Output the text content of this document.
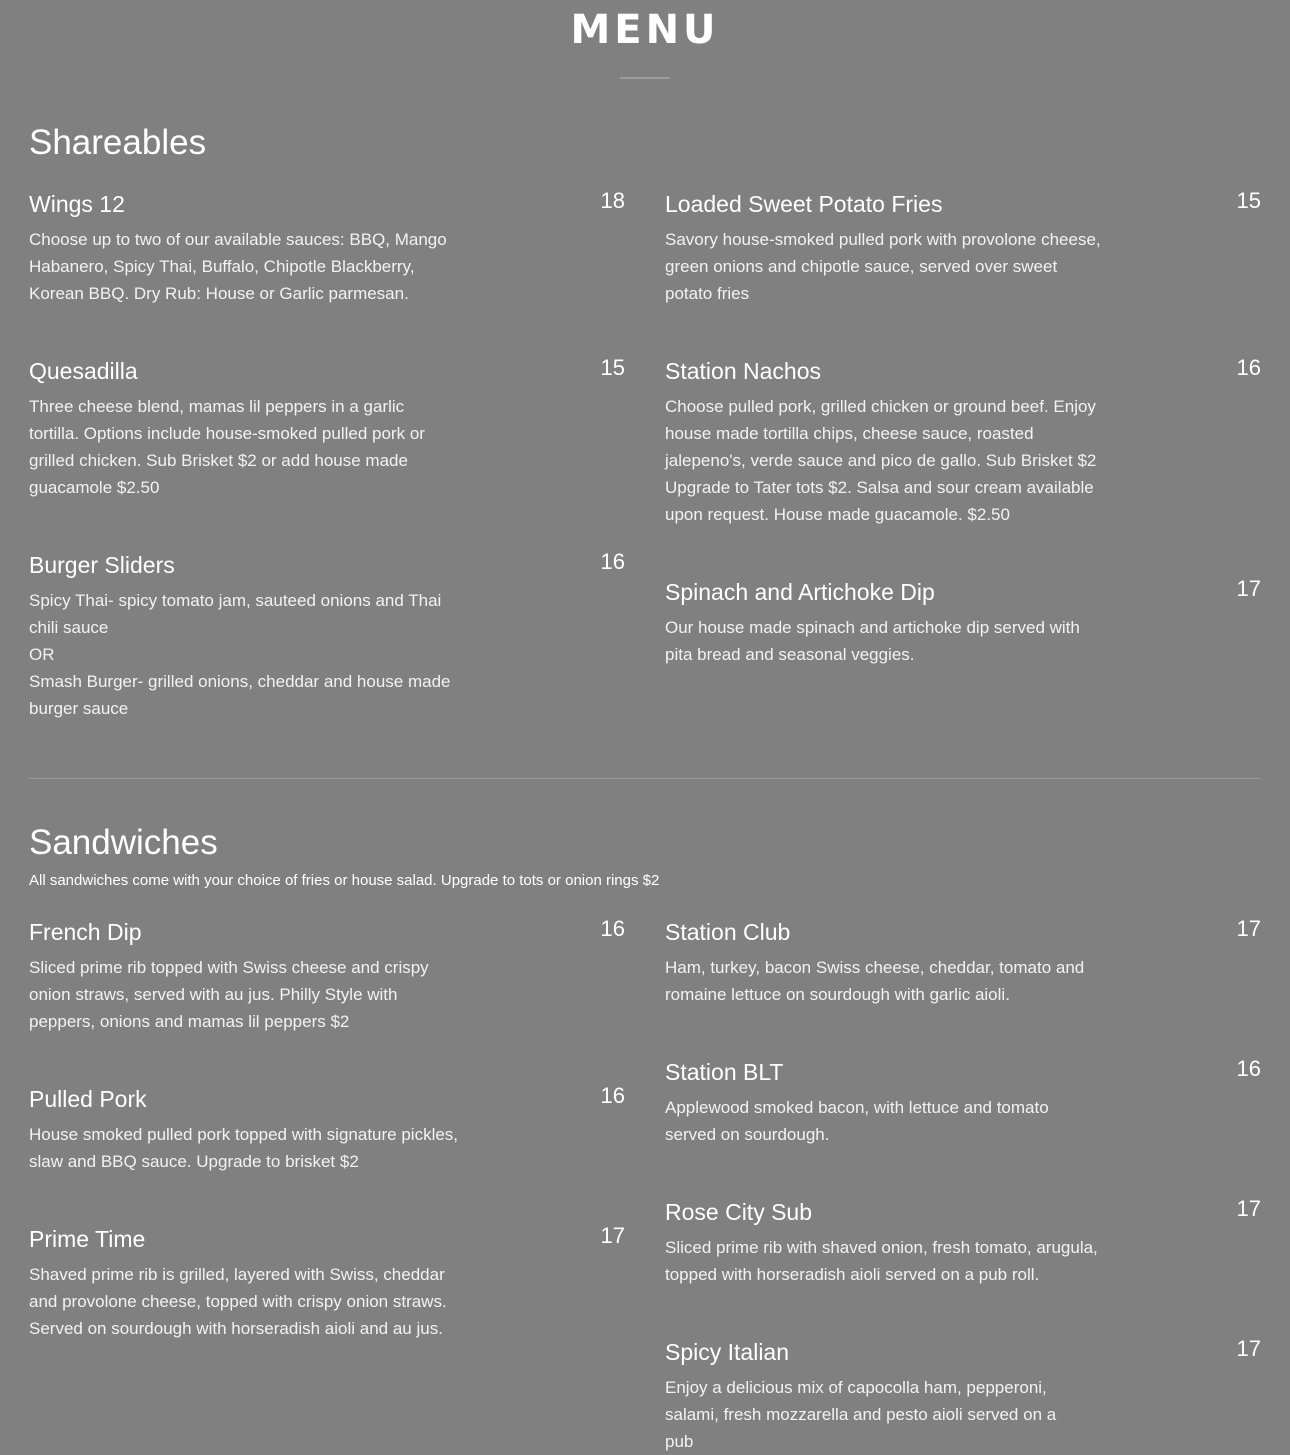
MENU
Shareables
Wings 12	18
Choose up to two of our available sauces: BBQ, Mango Habanero, Spicy Thai, Buffalo, Chipotle Blackberry, Korean BBQ. Dry Rub: House or Garlic parmesan.
Loaded Sweet Potato Fries	15
Savory house-smoked pulled pork with provolone cheese, green onions and chipotle sauce, served over sweet potato fries
Quesadilla	15
Three cheese blend, mamas lil peppers in a garlic tortilla. Options include house-smoked pulled pork or grilled chicken. Sub Brisket $2 or add house made guacamole $2.50
Station Nachos	16
Choose pulled pork, grilled chicken or ground beef. Enjoy house made tortilla chips, cheese sauce, roasted jalepeno's, verde sauce and pico de gallo. Sub Brisket $2 Upgrade to Tater tots $2. Salsa and sour cream available upon request. House made guacamole. $2.50
Burger Sliders	16
Spicy Thai- spicy tomato jam, sauteed onions and Thai chili sauce
OR
Smash Burger- grilled onions, cheddar and house made burger sauce
Spinach and Artichoke Dip	17
Our house made spinach and artichoke dip served with pita bread and seasonal veggies.
Sandwiches
All sandwiches come with your choice of fries or house salad. Upgrade to tots or onion rings $2
French Dip	16
Sliced prime rib topped with Swiss cheese and crispy onion straws, served with au jus. Philly Style with peppers, onions and mamas lil peppers $2
Station Club	17
Ham, turkey, bacon Swiss cheese, cheddar, tomato and romaine lettuce on sourdough with garlic aioli.
Pulled Pork	16
House smoked pulled pork topped with signature pickles, slaw and BBQ sauce. Upgrade to brisket $2
Station BLT	16
Applewood smoked bacon, with lettuce and tomato served on sourdough.
Prime Time	17
Shaved prime rib is grilled, layered with Swiss, cheddar and provolone cheese, topped with crispy onion straws. Served on sourdough with horseradish aioli and au jus.
Rose City Sub	17
Sliced prime rib with shaved onion, fresh tomato, arugula, topped with horseradish aioli served on a pub roll.
Spicy Italian	17
Enjoy a delicious mix of capocolla ham, pepperoni, salami, fresh mozzarella and pesto aioli served on a pub
